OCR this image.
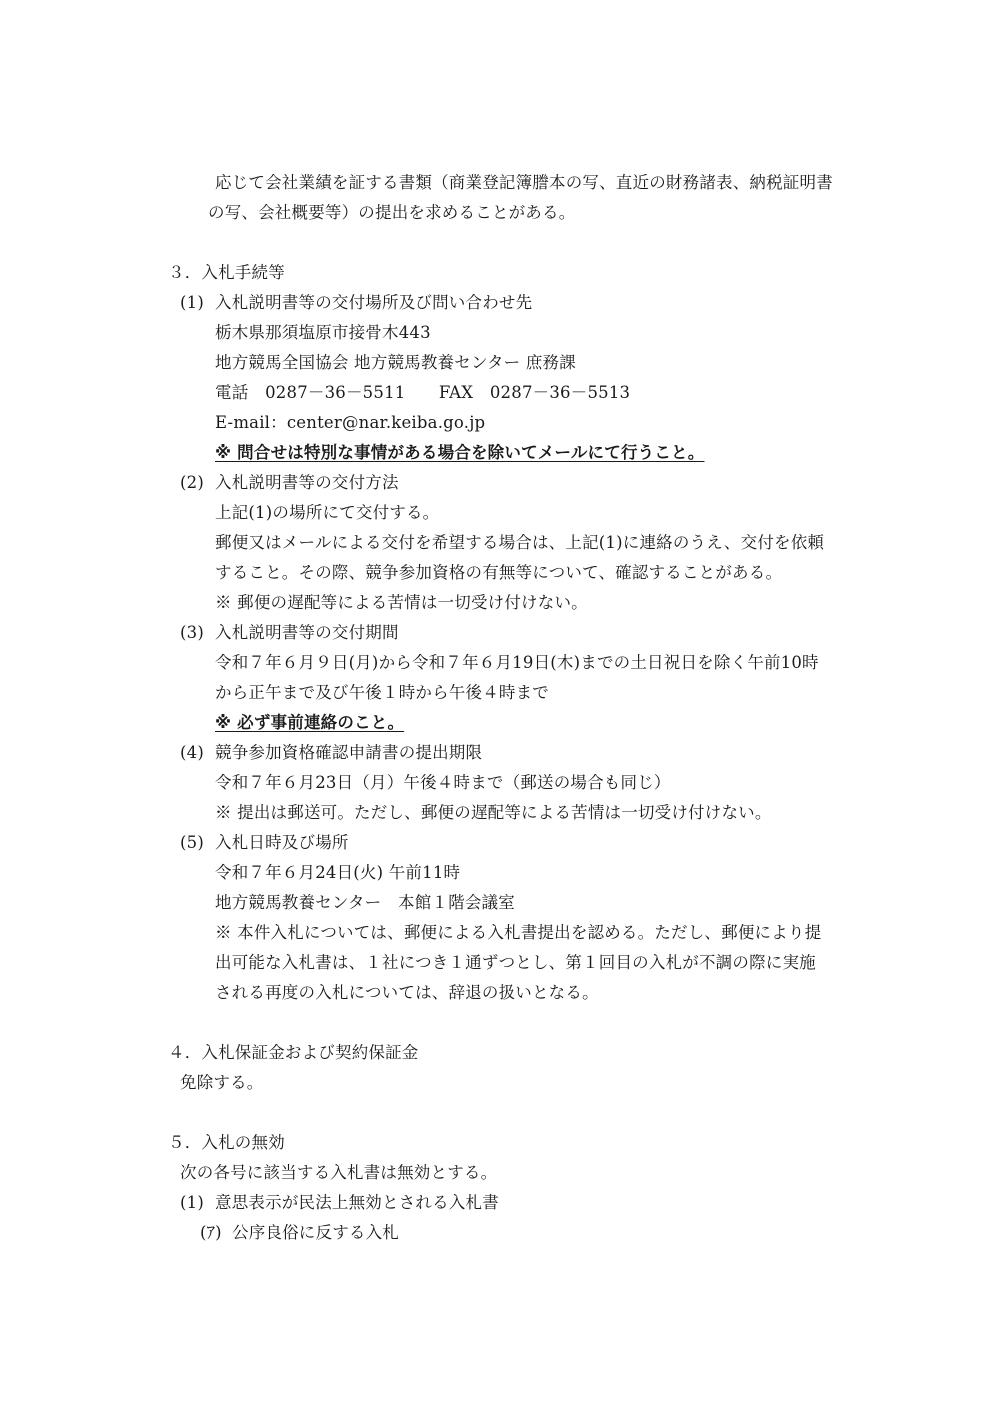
応じて会社業績を証する書類（商業登記簿謄本の写、直近の財務諸表、納税証明書
の写、会社概要等）の提出を求めることがある。
３．入札手続等
(1) 入札説明書等の交付場所及び問い合わせ先
栃木県那須塩原市接骨木443
地方競馬全国協会 地方競馬教養センター 庶務課
電話　0287－36－5511　　FAX　0287－36－5513
E-mail：center@nar.keiba.go.jp
※ 問合せは特別な事情がある場合を除いてメールにて行うこと。
(2) 入札説明書等の交付方法
上記(1)の場所にて交付する。
郵便又はメールによる交付を希望する場合は、上記(1)に連絡のうえ、交付を依頼
すること。その際、競争参加資格の有無等について、確認することがある。
※ 郵便の遅配等による苦情は一切受け付けない。
(3) 入札説明書等の交付期間
令和７年６月９日(月)から令和７年６月19日(木)までの土日祝日を除く午前10時
から正午まで及び午後１時から午後４時まで
※ 必ず事前連絡のこと。
(4) 競争参加資格確認申請書の提出期限
令和７年６月23日（月）午後４時まで（郵送の場合も同じ）
※ 提出は郵送可。ただし、郵便の遅配等による苦情は一切受け付けない。
(5) 入札日時及び場所
令和７年６月24日(火) 午前11時
地方競馬教養センター　本館１階会議室
※ 本件入札については、郵便による入札書提出を認める。ただし、郵便により提
出可能な入札書は、１社につき１通ずつとし、第１回目の入札が不調の際に実施
される再度の入札については、辞退の扱いとなる。
４．入札保証金および契約保証金
免除する。
５．入札の無効
次の各号に該当する入札書は無効とする。
(1) 意思表示が民法上無効とされる入札書
(ｱ) 公序良俗に反する入札
